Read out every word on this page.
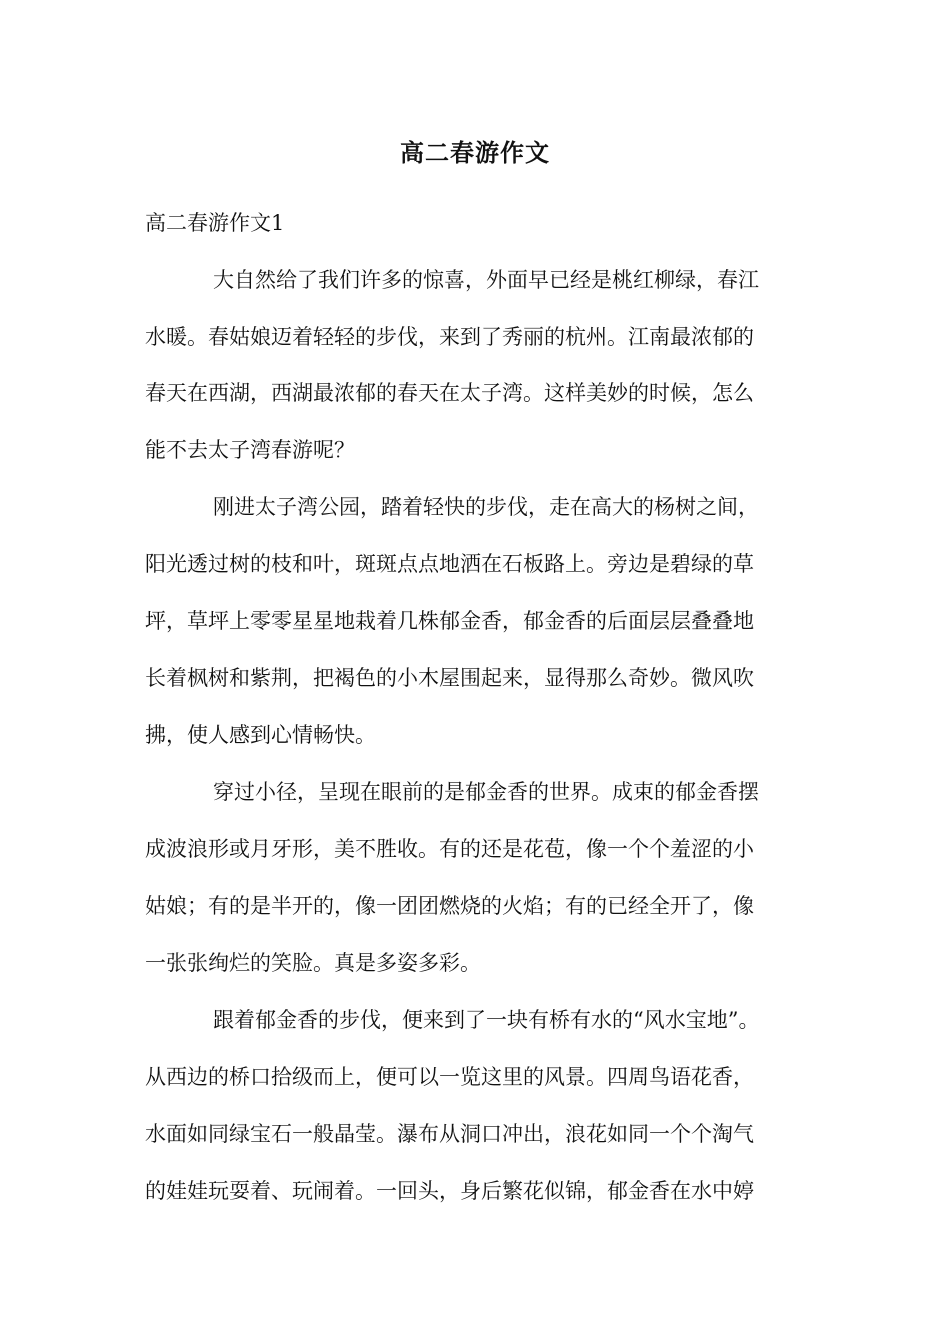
高二春游作文
高二春游作文1
大自然给了我们许多的惊喜，外面早已经是桃红柳绿，春江
水暖。春姑娘迈着轻轻的步伐，来到了秀丽的杭州。江南最浓郁的
春天在西湖，西湖最浓郁的春天在太子湾。这样美妙的时候，怎么
能不去太子湾春游呢？
刚进太子湾公园，踏着轻快的步伐，走在高大的杨树之间，
阳光透过树的枝和叶，斑斑点点地洒在石板路上。旁边是碧绿的草
坪，草坪上零零星星地栽着几株郁金香，郁金香的后面层层叠叠地
长着枫树和紫荆，把褐色的小木屋围起来，显得那么奇妙。微风吹
拂，使人感到心情畅快。
穿过小径，呈现在眼前的是郁金香的世界。成束的郁金香摆
成波浪形或月牙形，美不胜收。有的还是花苞，像一个个羞涩的小
姑娘；有的是半开的，像一团团燃烧的火焰；有的已经全开了，像
一张张绚烂的笑脸。真是多姿多彩。
跟着郁金香的步伐，便来到了一块有桥有水的“风水宝地”。
从西边的桥口拾级而上，便可以一览这里的风景。四周鸟语花香，
水面如同绿宝石一般晶莹。瀑布从洞口冲出，浪花如同一个个淘气
的娃娃玩耍着、玩闹着。一回头，身后繁花似锦，郁金香在水中婷
